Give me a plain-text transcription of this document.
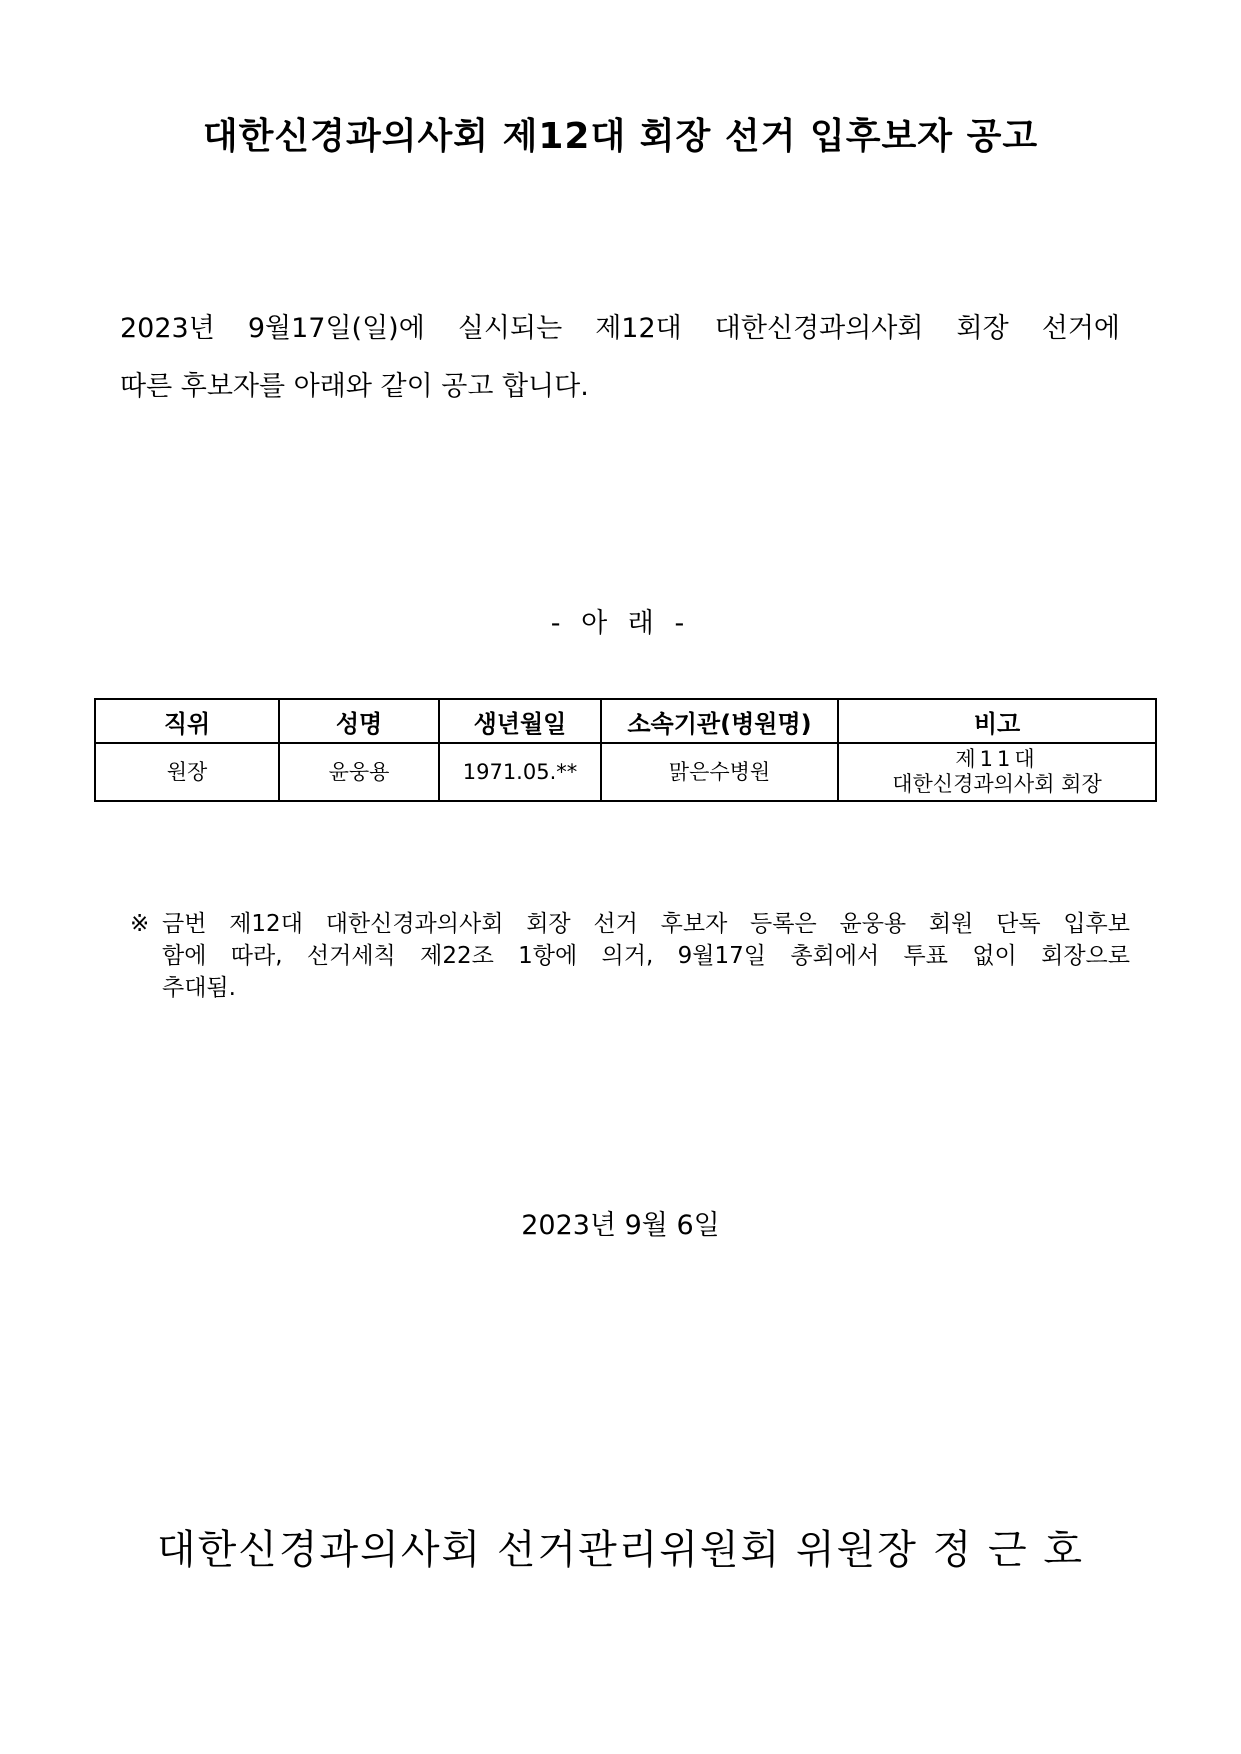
대한신경과의사회 제12대 회장 선거 입후보자 공고
2023년 9월17일(일)에 실시되는 제12대 대한신경과의사회 회장 선거에
따른 후보자를 아래와 같이 공고 합니다.
- 아 래 -
직위	성명	생년월일	소속기관(병원명)	비고
원장	윤웅용	1971.05.**	맑은수병원	제11대
대한신경과의사회 회장
※ 금번 제12대 대한신경과의사회 회장 선거 후보자 등록은 윤웅용 회원 단독 입후보
함에 따라, 선거세칙 제22조 1항에 의거, 9월17일 총회에서 투표 없이 회장으로
추대됨.
2023년 9월 6일
대한신경과의사회 선거관리위원회 위원장 정 근 호
